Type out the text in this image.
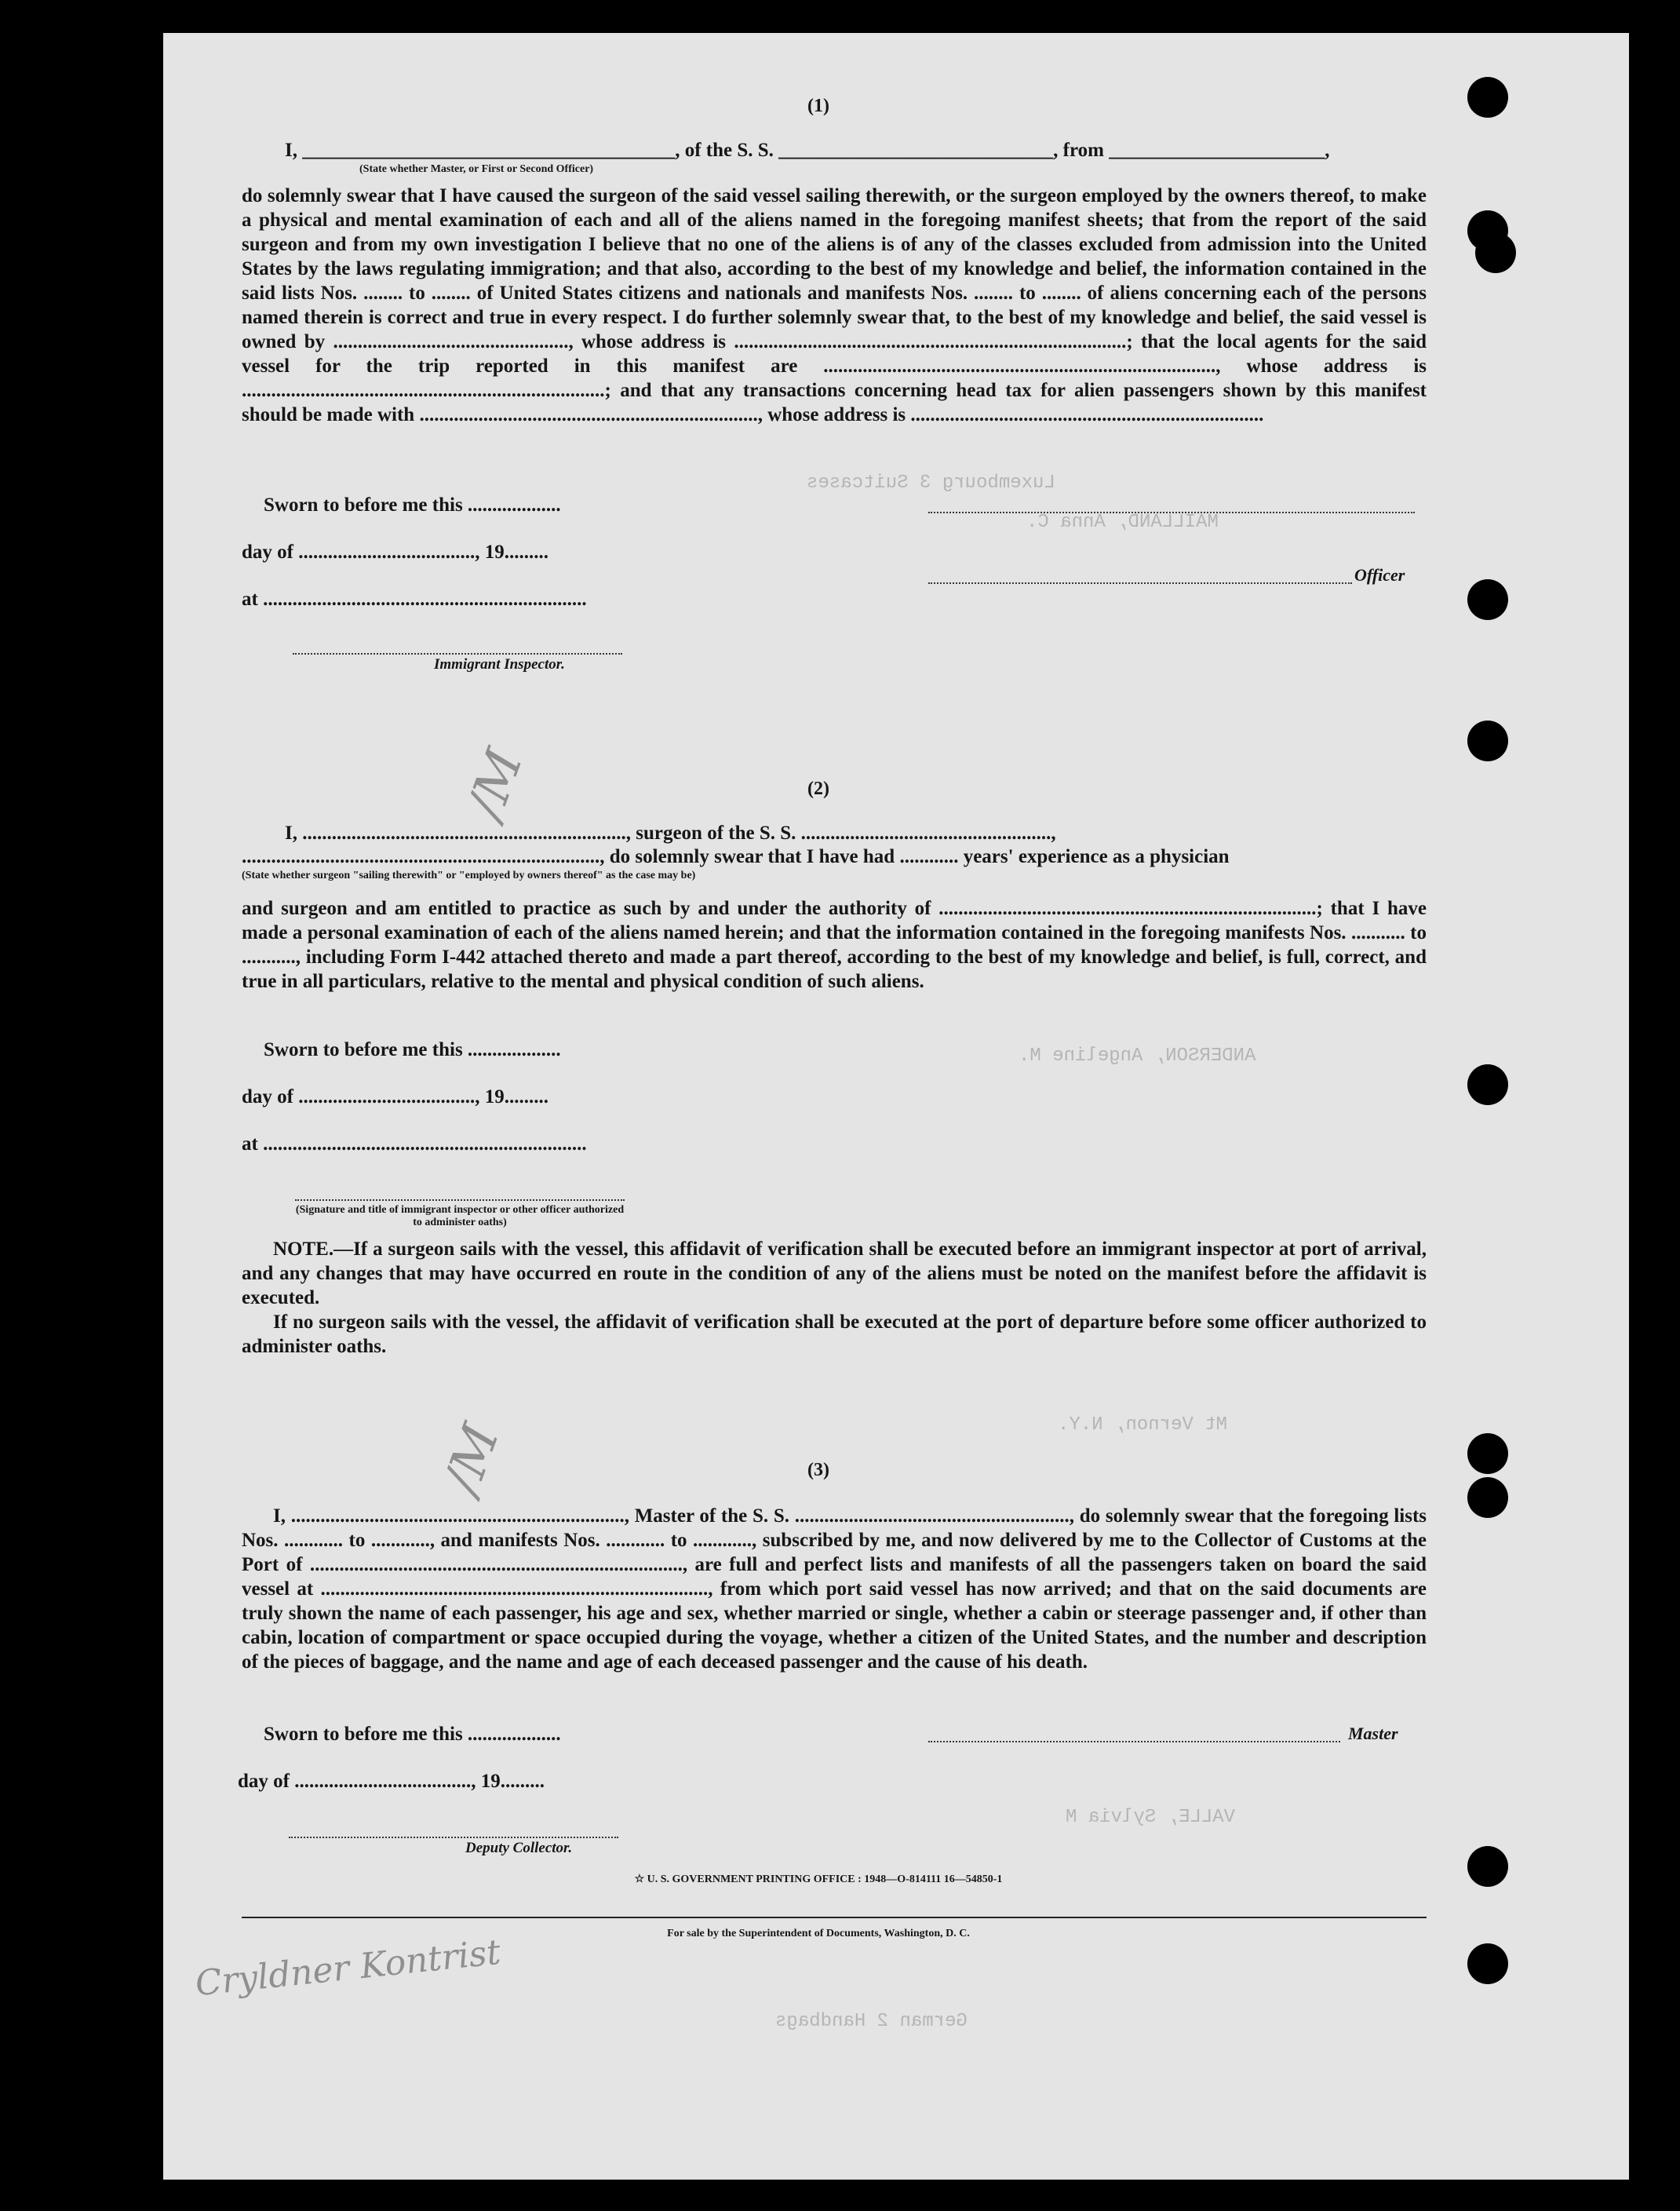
Luxembourg 3 Suitcases
MAILLAND, Anna C.
ANDERSON, Angeline M.
Mt Vernon, N.Y.
VALLE, Sylvia M
German 2 Handbags
/M
/M
Cryldner Kontrist
(1)
I, ______________________________________, of the S. S. ____________________________, from ______________________,
(State whether Master, or First or Second Officer)

do solemnly swear that I have caused the surgeon of the said vessel sailing therewith, or the surgeon employed by the owners thereof, to make a physical and mental examination of each and all of the aliens named in the foregoing manifest sheets; that from the report of the said surgeon and from my own investigation I believe that no one of the aliens is of any of the classes excluded from admission into the United States by the laws regulating immigration; and that also, according to the best of my knowledge and belief, the information contained in the said lists Nos. ........ to ........ of United States citizens and nationals and manifests Nos. ........ to ........ of aliens concerning each of the persons named therein is correct and true in every respect. I do further solemnly swear that, to the best of my knowledge and belief, the said vessel is owned by ................................................, whose address is ................................................................................; that the local agents for the said vessel for the trip reported in this manifest are ................................................................................, whose address is ..........................................................................; and that any transactions concerning head tax for alien passengers shown by this manifest should be made with ....................................................................., whose address is ........................................................................

Sworn to before me this ...................
day of ...................................., 19.........
at ..................................................................
Officer
Immigrant Inspector.
(2)
I, .................................................................., surgeon of the S. S. ...................................................,
........................................................................., do solemnly swear that I have had ............ years' experience as a physician
(State whether surgeon "sailing therewith" or "employed by owners thereof" as the case may be)

and surgeon and am entitled to practice as such by and under the authority of .............................................................................; that I have made a personal examination of each of the aliens named herein; and that the information contained in the foregoing manifests Nos. ........... to ..........., including Form I-442 attached thereto and made a part thereof, according to the best of my knowledge and belief, is full, correct, and true in all particulars, relative to the mental and physical condition of such aliens.

Sworn to before me this ...................
day of ...................................., 19.........
at ..................................................................
(Signature and title of immigrant inspector or other officer authorized to administer oaths)

NOTE.—If a surgeon sails with the vessel, this affidavit of verification shall be executed before an immigrant inspector at port of arrival, and any changes that may have occurred en route in the condition of any of the aliens must be noted on the manifest before the affidavit is executed.

If no surgeon sails with the vessel, the affidavit of verification shall be executed at the port of departure before some officer authorized to administer oaths.

(3)

I, ...................................................................., Master of the S. S. ........................................................, do solemnly swear that the foregoing lists Nos. ............ to ............, and manifests Nos. ............ to ............, subscribed by me, and now delivered by me to the Collector of Customs at the Port of ............................................................................, are full and perfect lists and manifests of all the passengers taken on board the said vessel at ..............................................................................., from which port said vessel has now arrived; and that on the said documents are truly shown the name of each passenger, his age and sex, whether married or single, whether a cabin or steerage passenger and, if other than cabin, location of compartment or space occupied during the voyage, whether a citizen of the United States, and the number and description of the pieces of baggage, and the name and age of each deceased passenger and the cause of his death.

Sworn to before me this ...................
day of ...................................., 19.........
Master
Deputy Collector.
☆ U. S. GOVERNMENT PRINTING OFFICE : 1948—O-814111 16—54850-1
For sale by the Superintendent of Documents, Washington, D. C.
